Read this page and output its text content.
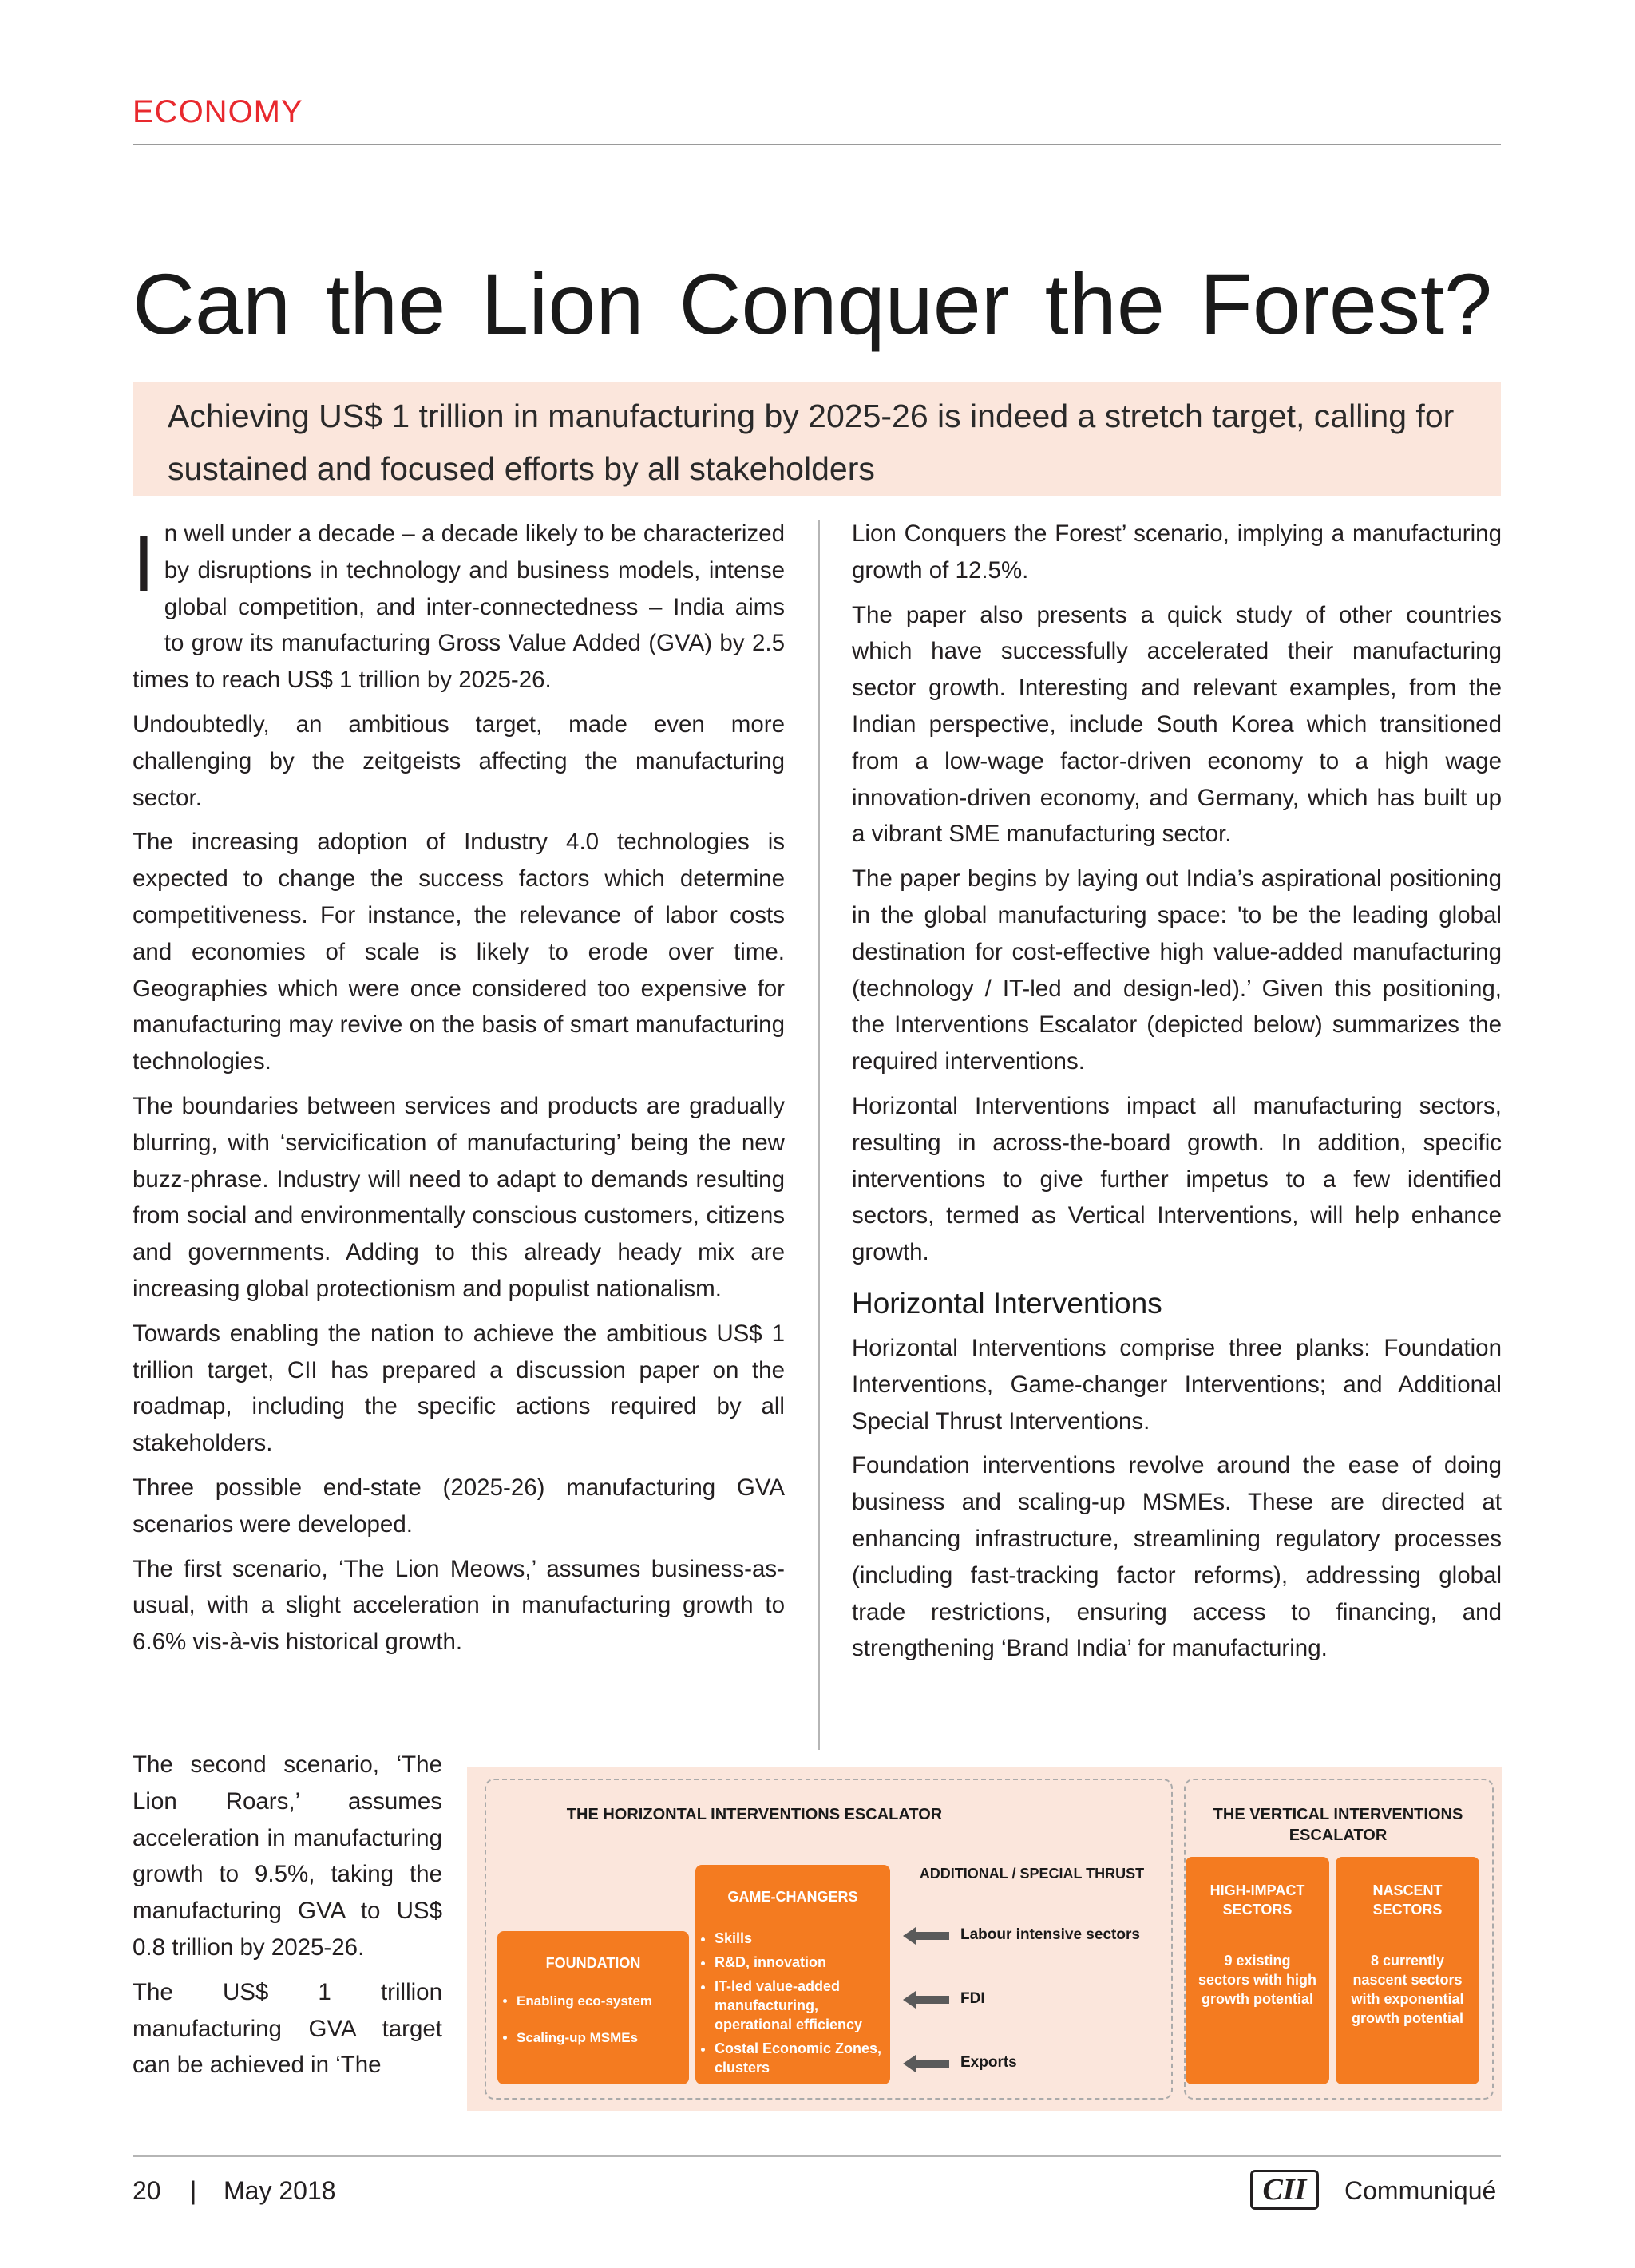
ECONOMY
Can the Lion Conquer the Forest?

Achieving US$ 1 trillion in manufacturing by 2025-26 is indeed a stretch target, calling for sustained and focused efforts by all stakeholders

In well under a decade – a decade likely to be characterized by disruptions in technology and business models, intense global competition, and inter-connectedness – India aims to grow its manufacturing Gross Value Added (GVA) by 2.5 times to reach US$ 1 trillion by 2025-26.

Undoubtedly, an ambitious target, made even more challenging by the zeitgeists affecting the manufacturing sector.

The increasing adoption of Industry 4.0 technologies is expected to change the success factors which determine competitiveness. For instance, the relevance of labor costs and economies of scale is likely to erode over time. Geographies which were once considered too expensive for manufacturing may revive on the basis of smart manufacturing technologies.

The boundaries between services and products are gradually blurring, with ‘servicification of manufacturing’ being the new buzz-phrase. Industry will need to adapt to demands resulting from social and environmentally conscious customers, citizens and governments. Adding to this already heady mix are increasing global protectionism and populist nationalism.

Towards enabling the nation to achieve the ambitious US$ 1 trillion target, CII has prepared a discussion paper on the roadmap, including the specific actions required by all stakeholders.

Three possible end-state (2025-26) manufacturing GVA scenarios were developed.

The first scenario, ‘The Lion Meows,’ assumes business-as-usual, with a slight acceleration in manufacturing growth to 6.6% vis-à-vis historical growth.

Lion Conquers the Forest’ scenario, implying a manufacturing growth of 12.5%.

The paper also presents a quick study of other countries which have successfully accelerated their manufacturing sector growth. Interesting and relevant examples, from the Indian perspective, include South Korea which transitioned from a low-wage factor-driven economy to a high wage innovation-driven economy, and Germany, which has built up a vibrant SME manufacturing sector.

The paper begins by laying out India’s aspirational positioning in the global manufacturing space: 'to be the leading global destination for cost-effective high value-added manufacturing (technology / IT-led and design-led).’ Given this positioning, the Interventions Escalator (depicted below) summarizes the required interventions.

Horizontal Interventions impact all manufacturing sectors, resulting in across-the-board growth. In addition, specific interventions to give further impetus to a few identified sectors, termed as Vertical Interventions, will help enhance growth.

Horizontal Interventions

Horizontal Interventions comprise three planks: Foundation Interventions, Game-changer Interventions; and Additional Special Thrust Interventions.

Foundation interventions revolve around the ease of doing business and scaling-up MSMEs. These are directed at enhancing infrastructure, streamlining regulatory processes (including fast-tracking factor reforms), addressing global trade restrictions, ensuring access to financing, and strengthening ‘Brand India’ for manufacturing.

The second scenario, ‘The Lion Roars,’ assumes acceleration in manufacturing growth to 9.5%, taking the manufacturing GVA to US$ 0.8 trillion by 2025-26.

The US$ 1 trillion manufacturing GVA target can be achieved in ‘The

THE HORIZONTAL INTERVENTIONS ESCALATOR	THE VERTICAL INTERVENTIONS ESCALATOR
FOUNDATION
• Enabling eco-system
• Scaling-up MSMEs
GAME-CHANGERS
• Skills
• R&D, innovation
• IT-led value-added manufacturing, operational efficiency
• Costal Economic Zones, clusters
ADDITIONAL / SPECIAL THRUST
Labour intensive sectors
FDI
Exports
HIGH-IMPACT SECTORS
9 existing sectors with high growth potential
NASCENT SECTORS
8 currently nascent sectors with exponential growth potential
20 | May 2018	CII	Communiqué
